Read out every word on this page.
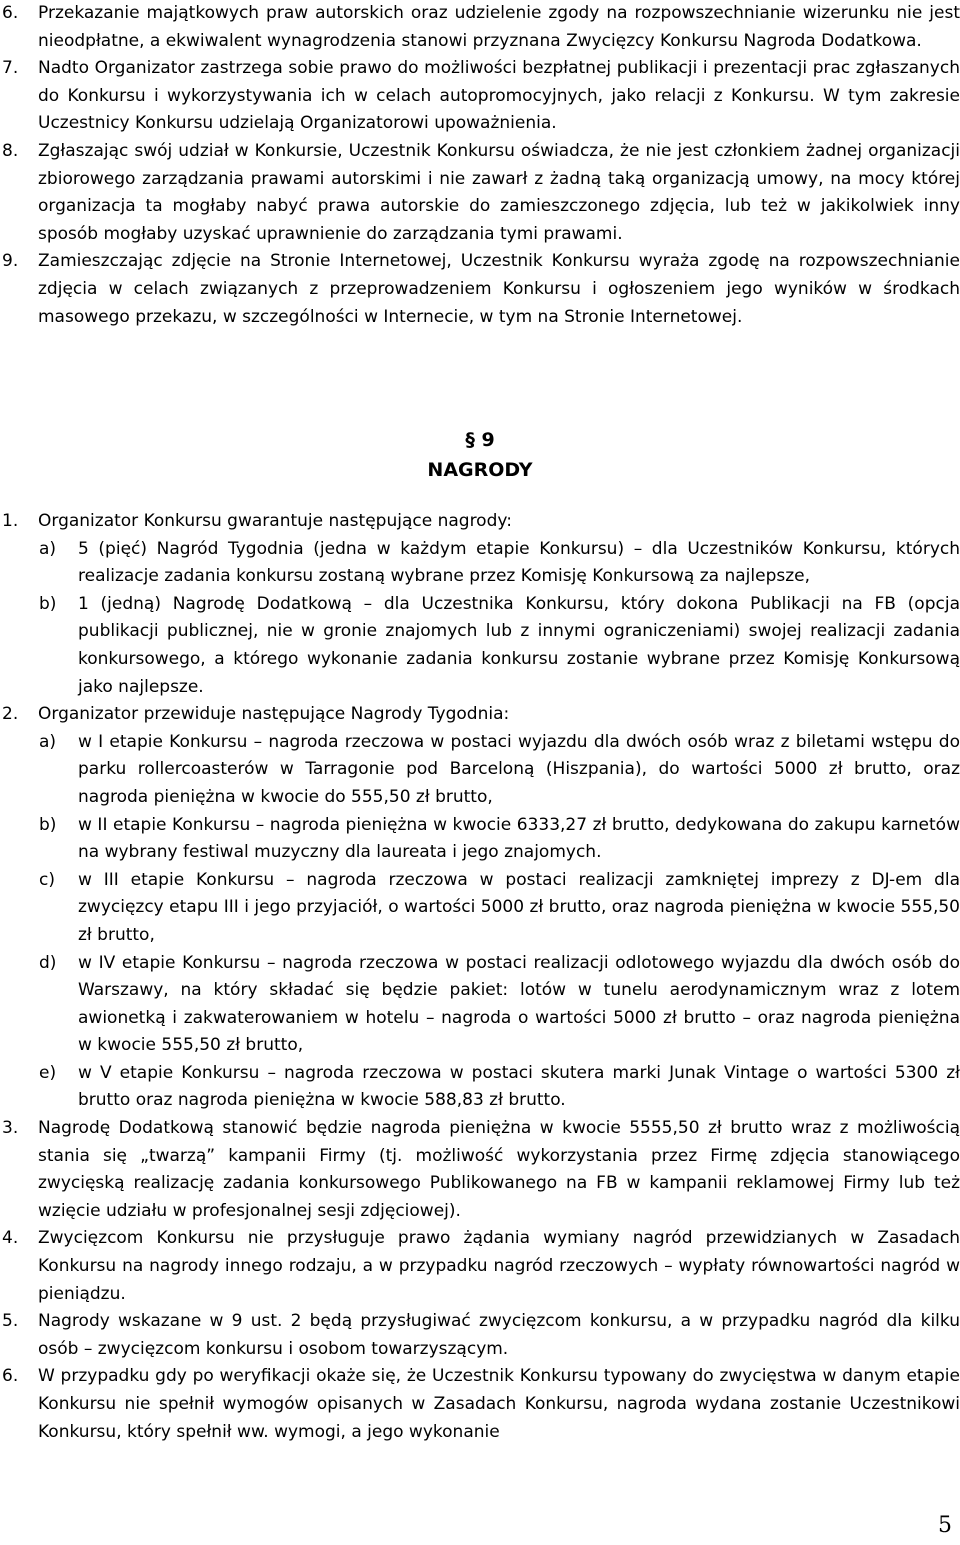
6. Przekazanie majątkowych praw autorskich oraz udzielenie zgody na rozpowszechnianie wizerunku nie jest nieodpłatne, a ekwiwalent wynagrodzenia stanowi przyznana Zwycięzcy Konkursu Nagroda Dodatkowa.
7. Nadto Organizator zastrzega sobie prawo do możliwości bezpłatnej publikacji i prezentacji prac zgłaszanych do Konkursu i wykorzystywania ich w celach autopromocyjnych, jako relacji z Konkursu. W tym zakresie Uczestnicy Konkursu udzielają Organizatorowi upoważnienia.
8. Zgłaszając swój udział w Konkursie, Uczestnik Konkursu oświadcza, że nie jest członkiem żadnej organizacji zbiorowego zarządzania prawami autorskimi i nie zawarł z żadną taką organizacją umowy, na mocy której organizacja ta mogłaby nabyć prawa autorskie do zamieszczonego zdjęcia, lub też w jakikolwiek inny sposób mogłaby uzyskać uprawnienie do zarządzania tymi prawami.
9. Zamieszczając zdjęcie na Stronie Internetowej, Uczestnik Konkursu wyraża zgodę na rozpowszechnianie zdjęcia w celach związanych z przeprowadzeniem Konkursu i ogłoszeniem jego wyników w środkach masowego przekazu, w szczególności w Internecie, w tym na Stronie Internetowej.
§ 9
NAGRODY
1. Organizator Konkursu gwarantuje następujące nagrody:
a) 5 (pięć) Nagród Tygodnia (jedna w każdym etapie Konkursu) – dla Uczestników Konkursu, których realizacje zadania konkursu zostaną wybrane przez Komisję Konkursową za najlepsze,
b) 1 (jedną) Nagrodę Dodatkową – dla Uczestnika Konkursu, który dokona Publikacji na FB (opcja publikacji publicznej, nie w gronie znajomych lub z innymi ograniczeniami) swojej realizacji zadania konkursowego, a którego wykonanie zadania konkursu zostanie wybrane przez Komisję Konkursową jako najlepsze.
2. Organizator przewiduje następujące Nagrody Tygodnia:
a) w I etapie Konkursu – nagroda rzeczowa w postaci wyjazdu dla dwóch osób wraz z biletami wstępu do parku rollercoasterów w Tarragonie pod Barceloną (Hiszpania), do wartości 5000 zł brutto, oraz nagroda pieniężna w kwocie do 555,50 zł brutto,
b) w II etapie Konkursu – nagroda pieniężna w kwocie 6333,27 zł brutto, dedykowana do zakupu karnetów na wybrany festiwal muzyczny dla laureata i jego znajomych.
c) w III etapie Konkursu – nagroda rzeczowa w postaci realizacji zamkniętej imprezy z DJ-em dla zwycięzcy etapu III i jego przyjaciół, o wartości 5000 zł brutto, oraz nagroda pieniężna w kwocie 555,50 zł brutto,
d) w IV etapie Konkursu – nagroda rzeczowa w postaci realizacji odlotowego wyjazdu dla dwóch osób do Warszawy, na który składać się będzie pakiet: lotów w tunelu aerodynamicznym wraz z lotem awionetką i zakwaterowaniem w hotelu – nagroda o wartości 5000 zł brutto – oraz nagroda pieniężna w kwocie 555,50 zł brutto,
e) w V etapie Konkursu – nagroda rzeczowa w postaci skutera marki Junak Vintage o wartości 5300 zł brutto oraz nagroda pieniężna w kwocie 588,83 zł brutto.
3. Nagrodę Dodatkową stanowić będzie nagroda pieniężna w kwocie 5555,50 zł brutto wraz z możliwością stania się „twarzą” kampanii Firmy (tj. możliwość wykorzystania przez Firmę zdjęcia stanowiącego zwycięską realizację zadania konkursowego Publikowanego na FB w kampanii reklamowej Firmy lub też wzięcie udziału w profesjonalnej sesji zdjęciowej).
4. Zwycięzcom Konkursu nie przysługuje prawo żądania wymiany nagród przewidzianych w Zasadach Konkursu na nagrody innego rodzaju, a w przypadku nagród rzeczowych – wypłaty równowartości nagród w pieniądzu.
5. Nagrody wskazane w 9 ust. 2 będą przysługiwać zwycięzcom konkursu, a w przypadku nagród dla kilku osób – zwycięzcom konkursu i osobom towarzyszącym.
6. W przypadku gdy po weryfikacji okaże się, że Uczestnik Konkursu typowany do zwycięstwa w danym etapie Konkursu nie spełnił wymogów opisanych w Zasadach Konkursu, nagroda wydana zostanie Uczestnikowi Konkursu, który spełnił ww. wymogi, a jego wykonanie
5
